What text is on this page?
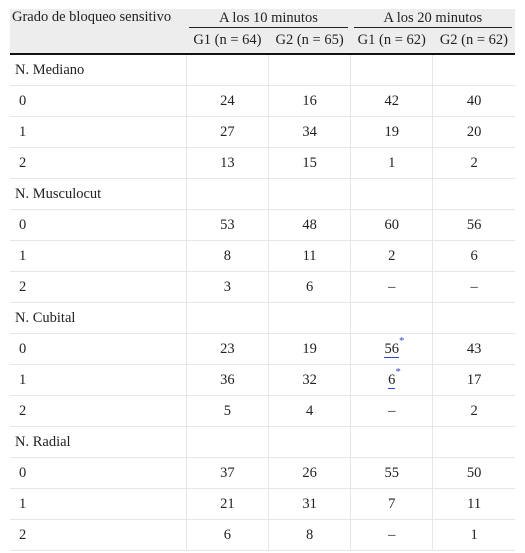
Grado de bloqueo sensitivo	A los 10 minutos		A los 20 minutos	

	G1 (n = 64)	G2 (n = 65)	G1 (n = 62)	G2 (n = 62)
N. Mediano				
0	24	16	42	40
1	27	34	19	20
2	13	15	1	2
N. Musculocut				
0	53	48	60	56
1	8	11	2	6
2	3	6	–	–
N. Cubital				
0	23	19	56 *	43
1	36	32	6 *	17
2	5	4	–	2
N. Radial				
0	37	26	55	50
1	21	31	7	11
2	6	8	–	1
